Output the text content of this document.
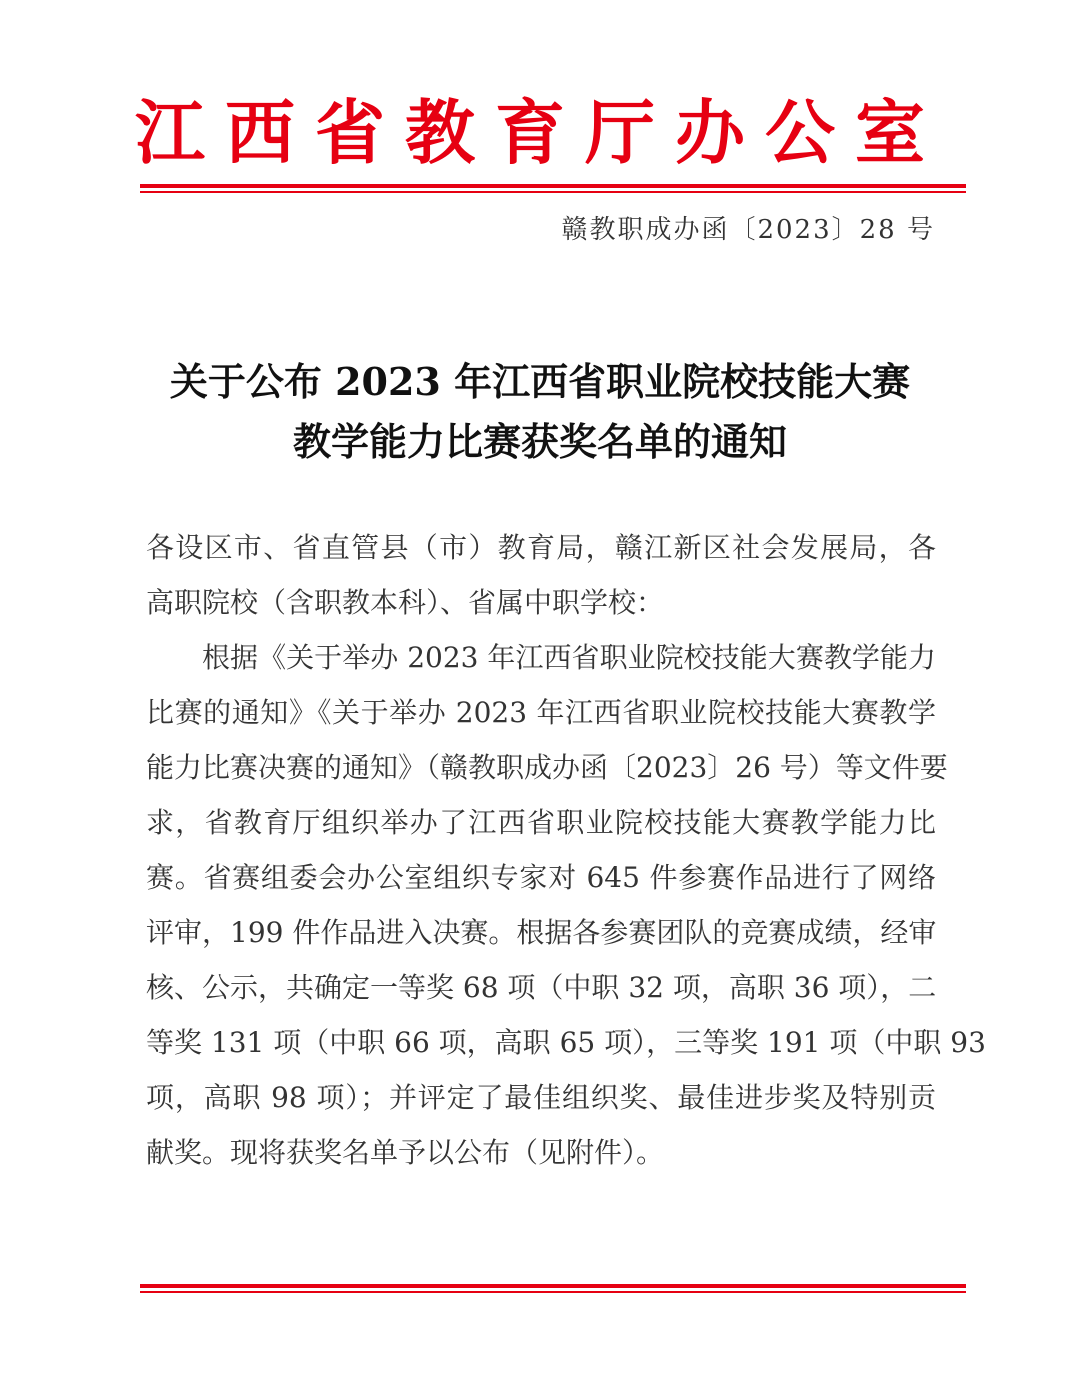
江西省教育厅办公室
赣教职成办函〔2023〕28 号
关于公布 2023 年江西省职业院校技能大赛
教学能力比赛获奖名单的通知
各设区市、省直管县（市）教育局，赣江新区社会发展局，各
高职院校（含职教本科）、省属中职学校：
根据《关于举办 2023 年江西省职业院校技能大赛教学能力
比赛的通知》《关于举办 2023 年江西省职业院校技能大赛教学
能力比赛决赛的通知》（赣教职成办函〔2023〕26 号）等文件要
求，省教育厅组织举办了江西省职业院校技能大赛教学能力比
赛。省赛组委会办公室组织专家对 645 件参赛作品进行了网络
评审，199 件作品进入决赛。根据各参赛团队的竞赛成绩，经审
核、公示，共确定一等奖 68 项（中职 32 项，高职 36 项），二
等奖 131 项（中职 66 项，高职 65 项），三等奖 191 项（中职 93
项，高职 98 项）；并评定了最佳组织奖、最佳进步奖及特别贡
献奖。现将获奖名单予以公布（见附件）。
